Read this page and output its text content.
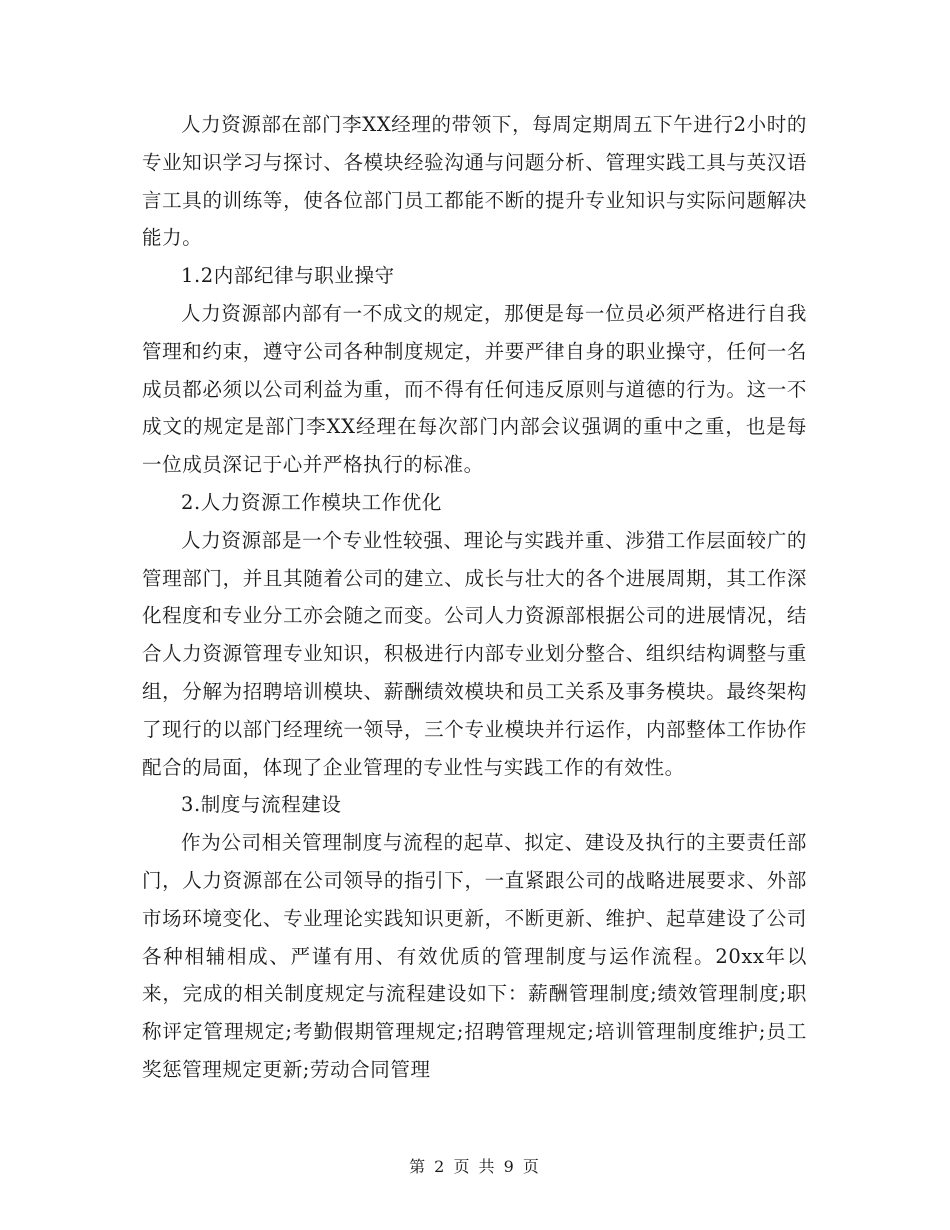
人力资源部在部门李XX经理的带领下，每周定期周五下午进行2小时的专业知识学习与探讨、各模块经验沟通与问题分析、管理实践工具与英汉语言工具的训练等，使各位部门员工都能不断的提升专业知识与实际问题解决能力。

1.2内部纪律与职业操守

人力资源部内部有一不成文的规定，那便是每一位员必须严格进行自我管理和约束，遵守公司各种制度规定，并要严律自身的职业操守，任何一名成员都必须以公司利益为重，而不得有任何违反原则与道德的行为。这一不成文的规定是部门李XX经理在每次部门内部会议强调的重中之重，也是每一位成员深记于心并严格执行的标准。

2.人力资源工作模块工作优化

人力资源部是一个专业性较强、理论与实践并重、涉猎工作层面较广的管理部门，并且其随着公司的建立、成长与壮大的各个进展周期，其工作深化程度和专业分工亦会随之而变。公司人力资源部根据公司的进展情况，结合人力资源管理专业知识，积极进行内部专业划分整合、组织结构调整与重组，分解为招聘培训模块、薪酬绩效模块和员工关系及事务模块。最终架构了现行的以部门经理统一领导，三个专业模块并行运作，内部整体工作协作配合的局面，体现了企业管理的专业性与实践工作的有效性。

3.制度与流程建设

作为公司相关管理制度与流程的起草、拟定、建设及执行的主要责任部门，人力资源部在公司领导的指引下，一直紧跟公司的战略进展要求、外部市场环境变化、专业理论实践知识更新，不断更新、维护、起草建设了公司各种相辅相成、严谨有用、有效优质的管理制度与运作流程。20xx年以来，完成的相关制度规定与流程建设如下：薪酬管理制度;绩效管理制度;职称评定管理规定;考勤假期管理规定;招聘管理规定;培训管理制度维护;员工奖惩管理规定更新;劳动合同管理

第 2 页 共 9 页
